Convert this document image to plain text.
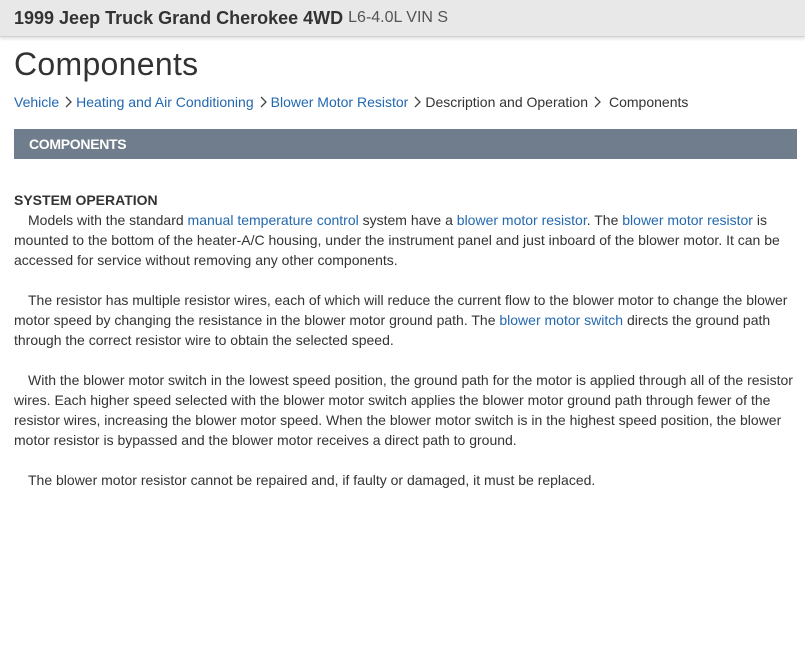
1999 Jeep Truck Grand Cherokee 4WD L6-4.0L VIN S
Components
Vehicle Heating and Air Conditioning Blower Motor Resistor Description and Operation Components
COMPONENTS
SYSTEM OPERATION

Models with the standard manual temperature control system have a blower motor resistor. The blower motor resistor is mounted to the bottom of the heater-A/C housing, under the instrument panel and just inboard of the blower motor. It can be accessed for service without removing any other components.

The resistor has multiple resistor wires, each of which will reduce the current flow to the blower motor to change the blower motor speed by changing the resistance in the blower motor ground path. The blower motor switch directs the ground path through the correct resistor wire to obtain the selected speed.

With the blower motor switch in the lowest speed position, the ground path for the motor is applied through all of the resistor wires. Each higher speed selected with the blower motor switch applies the blower motor ground path through fewer of the resistor wires, increasing the blower motor speed. When the blower motor switch is in the highest speed position, the blower motor resistor is bypassed and the blower motor receives a direct path to ground.

The blower motor resistor cannot be repaired and, if faulty or damaged, it must be replaced.
